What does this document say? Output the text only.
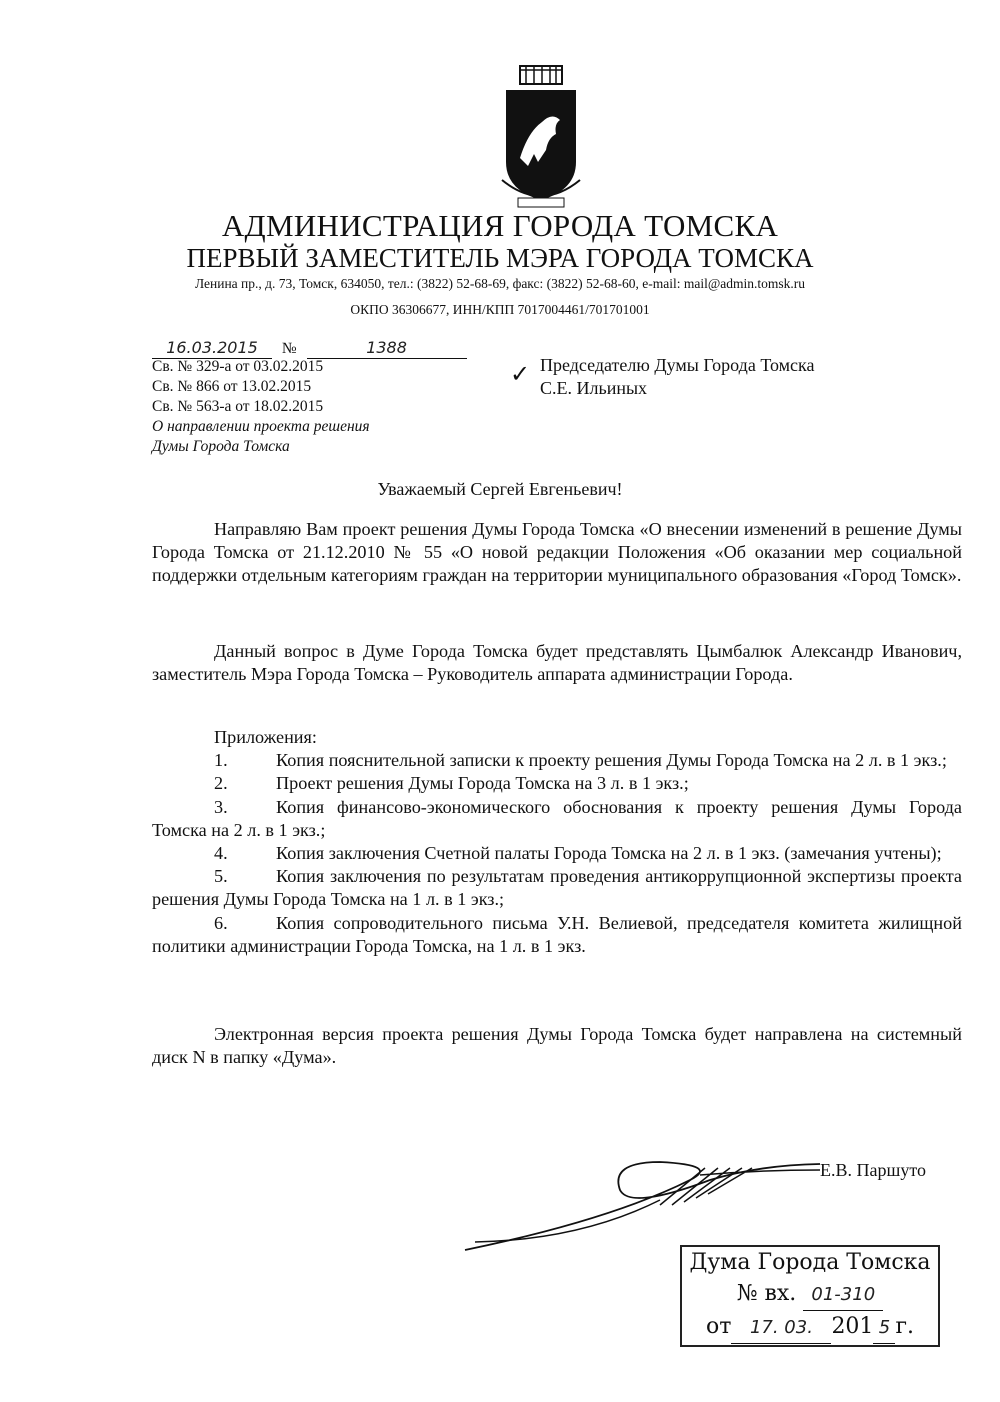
АДМИНИСТРАЦИЯ ГОРОДА ТОМСКА
ПЕРВЫЙ ЗАМЕСТИТЕЛЬ МЭРА ГОРОДА ТОМСКА
Ленина пр., д. 73, Томск, 634050, тел.: (3822) 52-68-69, факс: (3822) 52-68-60, e-mail: mail@admin.tomsk.ru
ОКПО 36306677, ИНН/КПП 7017004461/701701001
16.03.2015 №	1388
Св. № 329-а от 03.02.2015
Св. № 866 от 13.02.2015
Св. № 563-а от 18.02.2015
О направлении проекта решения
Думы Города Томска
✓ Председателю Думы Города Томска
С.Е. Ильиных
Уважаемый Сергей Евгеньевич!

Направляю Вам проект решения Думы Города Томска «О внесении изменений в решение Думы Города Томска от 21.12.2010 № 55 «О новой редакции Положения «Об оказании мер социальной поддержки отдельным категориям граждан на территории муниципального образования «Город Томск».

Данный вопрос в Думе Города Томска будет представлять Цымбалюк Александр Иванович, заместитель Мэра Города Томска – Руководитель аппарата администрации Города.

Приложения:

1.	Копия пояснительной записки к проекту решения Думы Города Томска на 2 л. в 1 экз.;

2.	Проект решения Думы Города Томска на 3 л. в 1 экз.;

3.	Копия финансово-экономического обоснования к проекту решения Думы Города Томска на 2 л. в 1 экз.;

4.	Копия заключения Счетной палаты Города Томска на 2 л. в 1 экз. (замечания учтены);

5.	Копия заключения по результатам проведения антикоррупционной экспертизы проекта решения Думы Города Томска на 1 л. в 1 экз.;

6.	Копия сопроводительного письма У.Н. Велиевой, председателя комитета жилищной политики администрации Города Томска, на 1 л. в 1 экз.

Электронная версия проекта решения Думы Города Томска будет направлена на системный диск N в папку «Дума».

Е.В. Паршуто
Дума Города Томска
№ вх. 01-310
от 17. 03. 201 5 г.
